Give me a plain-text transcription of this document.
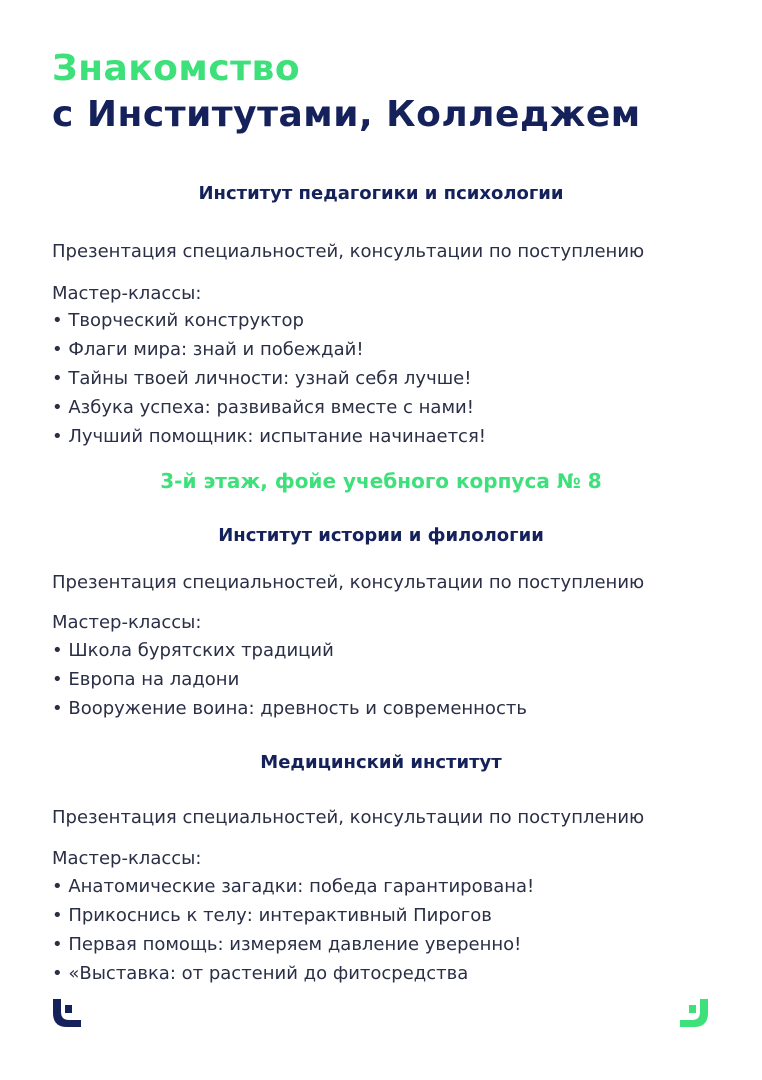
Знакомство
с Институтами, Колледжем
Институт педагогики и психологии

Презентация специальностей, консультации по поступлению

Мастер-классы:

• Творческий конструктор
• Флаги мира: знай и побеждай!
• Тайны твоей личности: узнай себя лучше!
• Азбука успеха: развивайся вместе с нами!
• Лучший помощник: испытание начинается!

3-й этаж, фойе учебного корпуса № 8

Институт истории и филологии

Презентация специальностей, консультации по поступлению

Мастер-классы:

• Школа бурятских традиций
• Европа на ладони
• Вооружение воина: древность и современность
Медицинский институт

Презентация специальностей, консультации по поступлению

Мастер-классы:

• Анатомические загадки: победа гарантирована!
• Прикоснись к телу: интерактивный Пирогов
• Первая помощь: измеряем давление уверенно!
• «Выставка: от растений до фитосредства
